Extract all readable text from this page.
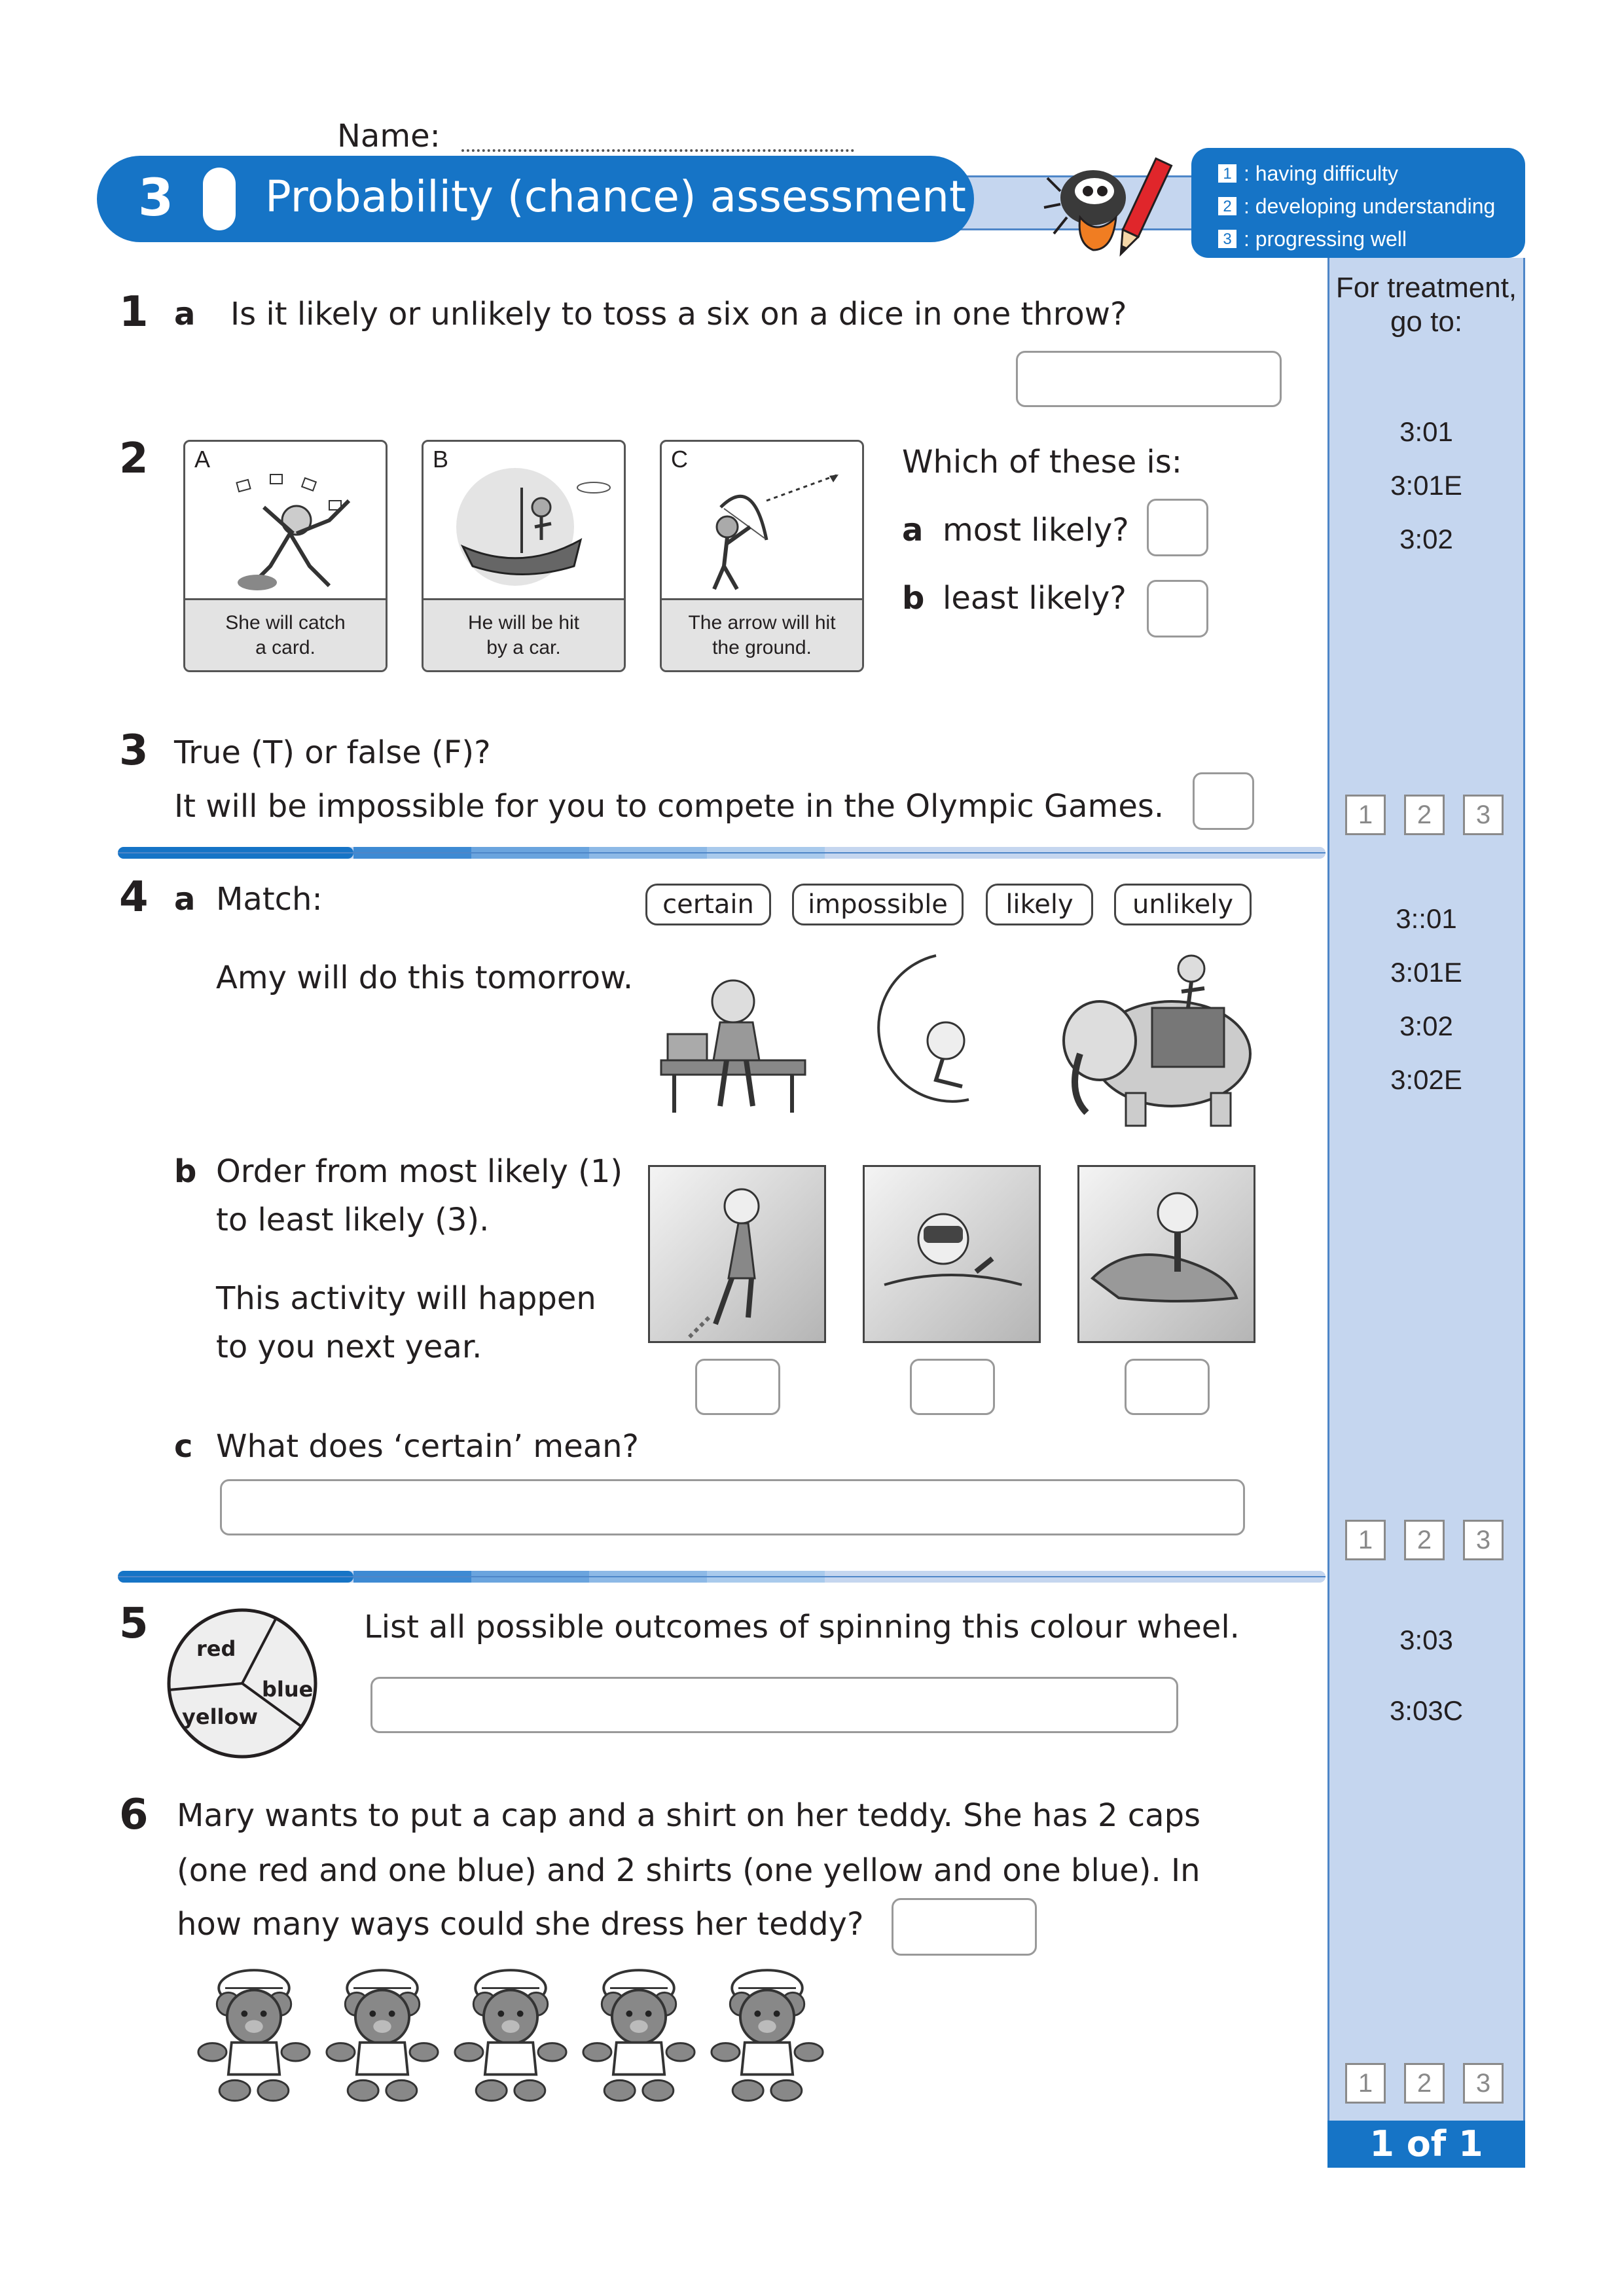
Name:
3 Probability (chance) assessment	1 : having difficulty
2 : developing understanding
3 : progressing well
For treatment,
go to:
3:01
3:01E
3:02
1	2	3
3::01
3:01E
3:02
3:02E
1	2	3
3:03
3:03C
1	2	3
1 of 1
1 a Is it likely or unlikely to toss a six on a dice in one throw?
2 A
She will catch
a card.
B
He will be hit
by a car.
C
The arrow will hit
the ground.
Which of these is:
a most likely?
b least likely?
3 True (T) or false (F)?
It will be impossible for you to compete in the Olympic Games.
4 a Match:	certain	impossible	likely	unlikely
Amy will do this tomorrow.
b Order from most likely (1)
to least likely (3).
This activity will happen
to you next year.
c What does ‘certain’ mean?
5
red
blue
yellow
List all possible outcomes of spinning this colour wheel.
6 Mary wants to put a cap and a shirt on her teddy. She has 2 caps
(one red and one blue) and 2 shirts (one yellow and one blue). In
how many ways could she dress her teddy?
